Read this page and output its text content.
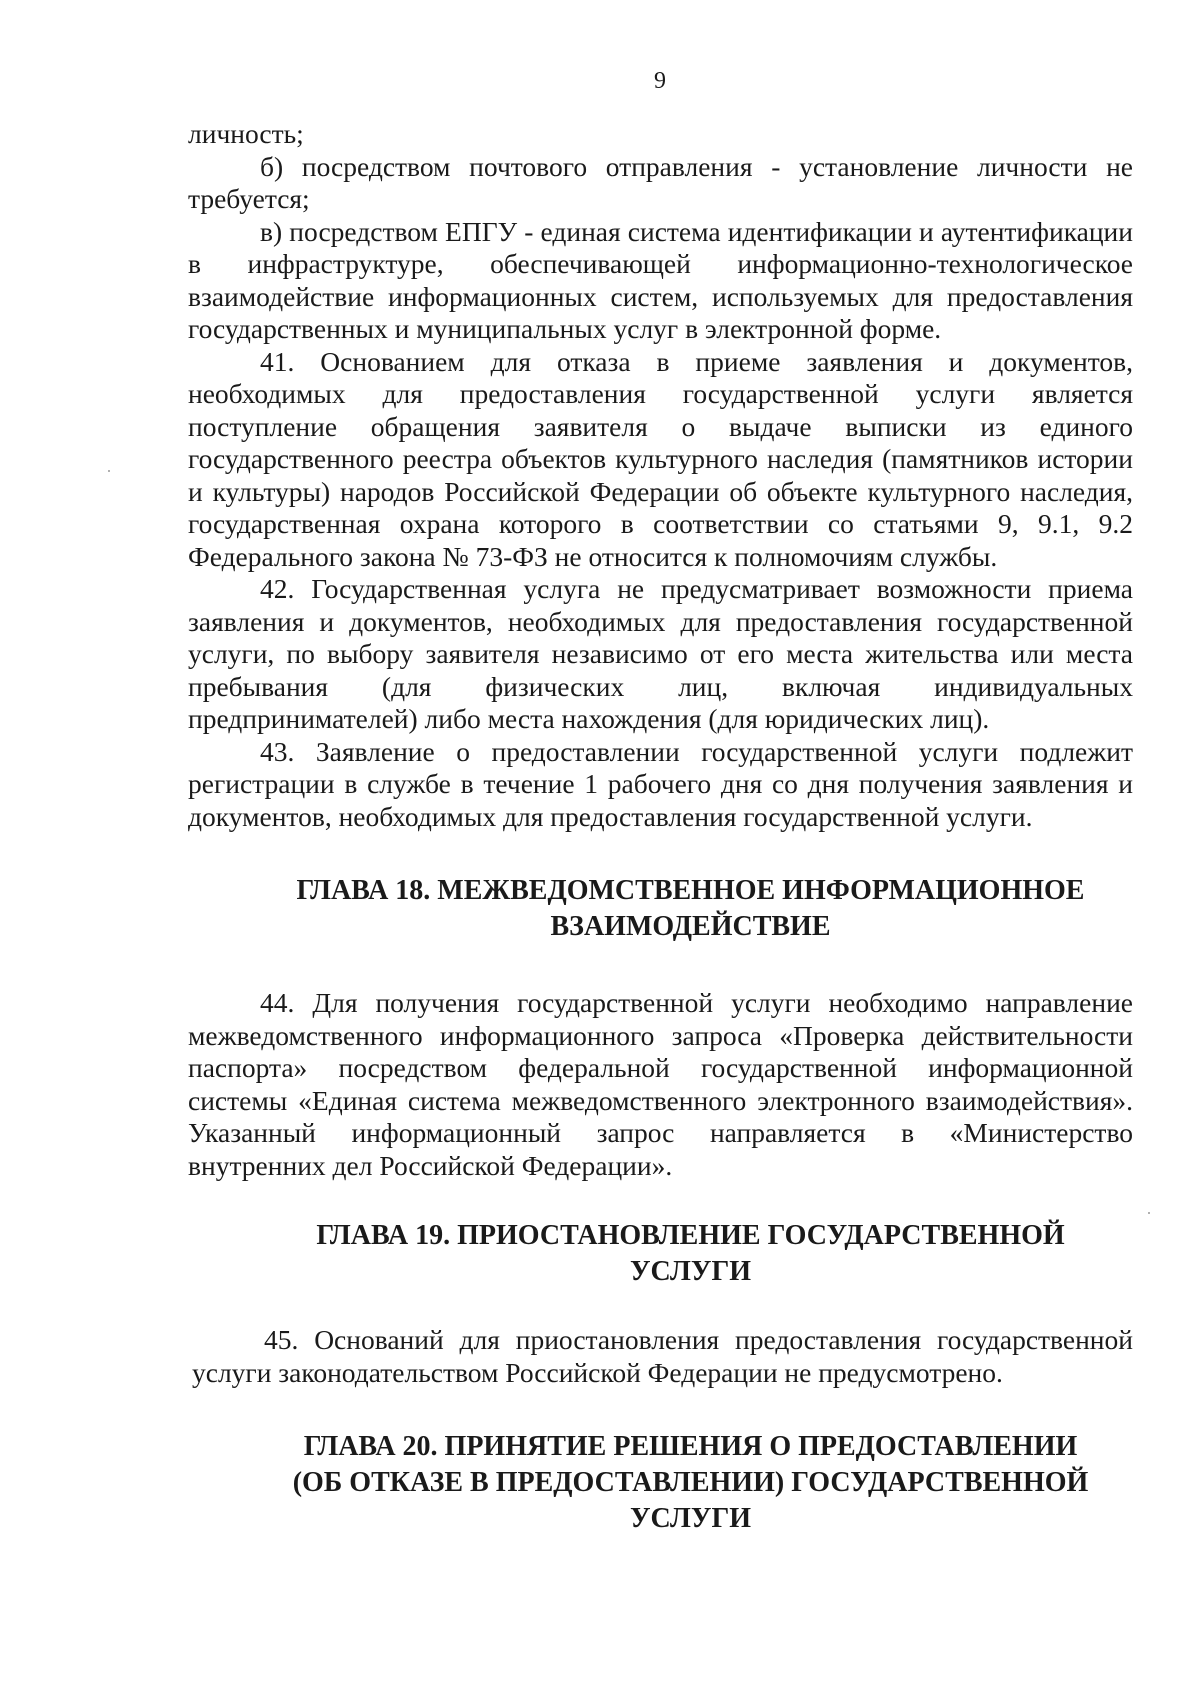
9

личность;

б) посредством почтового отправления - установление личности не требуется;

в) посредством ЕПГУ - единая система идентификации и аутентификации в инфраструктуре, обеспечивающей информационно-технологическое взаимодействие информационных систем, используемых для предоставления государственных и муниципальных услуг в электронной форме.

41. Основанием для отказа в приеме заявления и документов, необходимых для предоставления государственной услуги является поступление обращения заявителя о выдаче выписки из единого государственного реестра объектов культурного наследия (памятников истории и культуры) народов Российской Федерации об объекте культурного наследия, государственная охрана которого в соответствии со статьями 9, 9.1, 9.2 Федерального закона № 73-ФЗ не относится к полномочиям службы.

42. Государственная услуга не предусматривает возможности приема заявления и документов, необходимых для предоставления государственной услуги, по выбору заявителя независимо от его места жительства или места пребывания (для физических лиц, включая индивидуальных предпринимателей) либо места нахождения (для юридических лиц).

43. Заявление о предоставлении государственной услуги подлежит регистрации в службе в течение 1 рабочего дня со дня получения заявления и документов, необходимых для предоставления государственной услуги.

ГЛАВА 18. МЕЖВЕДОМСТВЕННОЕ ИНФОРМАЦИОННОЕ
ВЗАИМОДЕЙСТВИЕ

44. Для получения государственной услуги необходимо направление межведомственного информационного запроса «Проверка действительности паспорта» посредством федеральной государственной информационной системы «Единая система межведомственного электронного взаимодействия». Указанный информационный запрос направляется в «Министерство внутренних дел Российской Федерации».

ГЛАВА 19. ПРИОСТАНОВЛЕНИЕ ГОСУДАРСТВЕННОЙ
УСЛУГИ

45. Оснований для приостановления предоставления государственной услуги законодательством Российской Федерации не предусмотрено.

ГЛАВА 20. ПРИНЯТИЕ РЕШЕНИЯ О ПРЕДОСТАВЛЕНИИ
(ОБ ОТКАЗЕ В ПРЕДОСТАВЛЕНИИ) ГОСУДАРСТВЕННОЙ
УСЛУГИ
